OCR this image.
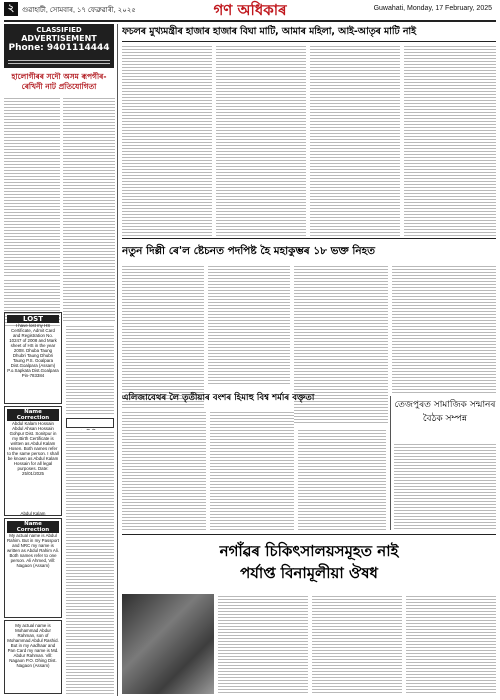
২	গুৱাহাটী, সোমবাৰ, ১৭ ফেব্ৰুৱাৰী, ২০২৫	গণ অধিকাৰ	Guwahati, Monday, 17 February, 2025
CLASSIFIED
ADVERTISEMENT
Phone: 9401114444
হালোগীৰৰ সদৌ অসম ৰূপগীৰ-ৰেখিনী নাট প্ৰতিযোগিতা
LOST
I have lost my HS Certificate, Admit Card and Registration No. 10247 of 2008 and Mark sheet of HS in the year 2008. Dhuba Taung Dhubri Taung Dhubri Taung P.S. Goalpara Dist.Goalpara (Assam) P.o.Sapkata Dist.Goalpara Pin-783384
Name Correction
Abdul Kalam Hossain Abdul Ahsan Hossain Gohpur Dist. Sonitpur in my Birth Certificate is written as Abdul Kalam Hosen. Both names refer to the same person. I shall be known as Abdul Kalam Hossain for all legal purposes. Date: 25/01/2025
Abdul Kalam
Name Correction
My actual name is Abdul Rahim. But in my Passport and NRC my name is written as Abdul Rahim Ali. Both names refer to one person. Ali Ahmed, Vill: Nagaon (Assam)
My actual name is Mohammad Abdur Rahman, son of Mohammad Abdul Rashid. But in my Aadhaar and Pan Card my name is Md. Abdur Rahman. Vill: Nagaon P.O. Dhing Dist. Nagaon (Assam)
ফচলৰ মুখ্যমন্ত্ৰীৰ হাজাৰ হাজাৰ বিঘা মাটি, আমাৰ মহিলা, আই-আতৃৰ মাটি নাই
নতুন দিল্লী ৰে'ল ষ্টেচনত পদপিষ্ট হৈ মহাকুম্ভৰ ১৮ ভক্ত নিহত
এলিজাবেথৰ লৈ তৃতীয়াৰ বংশৰ হিমাহু বিশ্ব শৰ্মাৰ বক্তৃতা
তেজপুৰত সামাজিক সন্মানৰ বৈঠক সম্পন্ন
নগাঁৱৰ চিকিৎসালয়সমূহত নাই
পৰ্যাপ্ত বিনামূলীয়া ঔষধ
